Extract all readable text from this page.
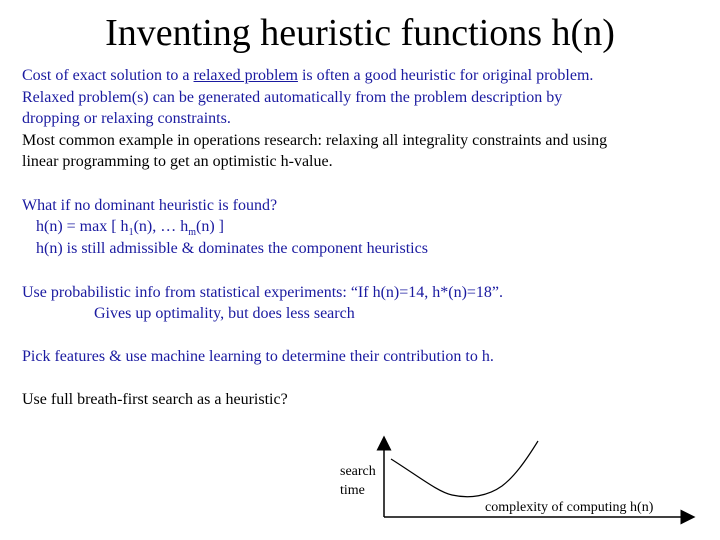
Inventing heuristic functions h(n)
Cost of exact solution to a relaxed problem is often a good heuristic for original problem.
Relaxed problem(s) can be generated automatically from the problem description by
dropping or relaxing constraints.
Most common example in operations research: relaxing all integrality constraints and using
linear programming to get an optimistic h-value.
What if no dominant heuristic is found?
h(n) = max [ $h_1(n)$, … $h_m(n)$ ]
h(n) is still admissible & dominates the component heuristics
Use probabilistic info from statistical experiments: “If h(n)=14, h*(n)=18”.
Gives up optimality, but does less search
Pick features & use machine learning to determine their contribution to h.
Use full breath-first search as a heuristic?
search
time
complexity of computing h(n)
